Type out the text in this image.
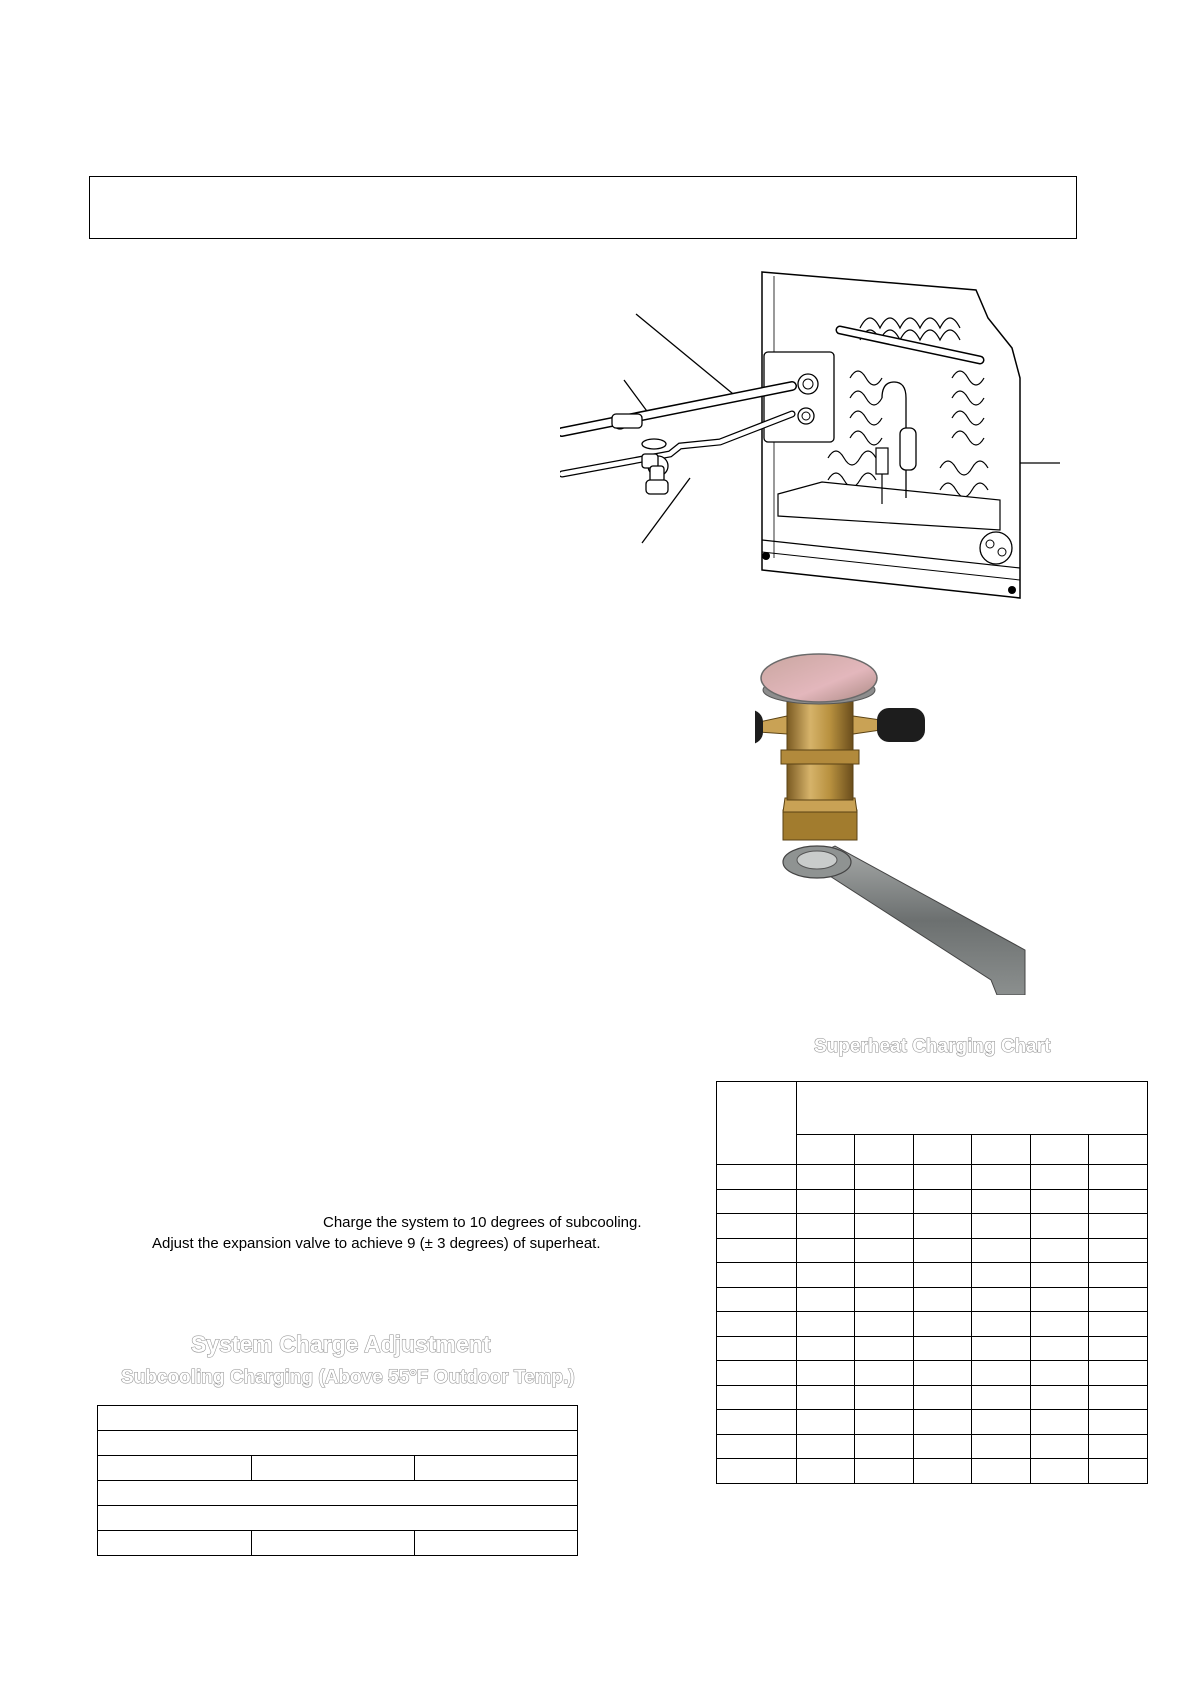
Superheat Charging Chart

Charge the system to 10 degrees of subcooling.
Adjust the expansion valve to achieve 9 (± 3 degrees) of superheat.
System Charge Adjustment
Subcooling Charging (Above 55°F Outdoor Temp.)
